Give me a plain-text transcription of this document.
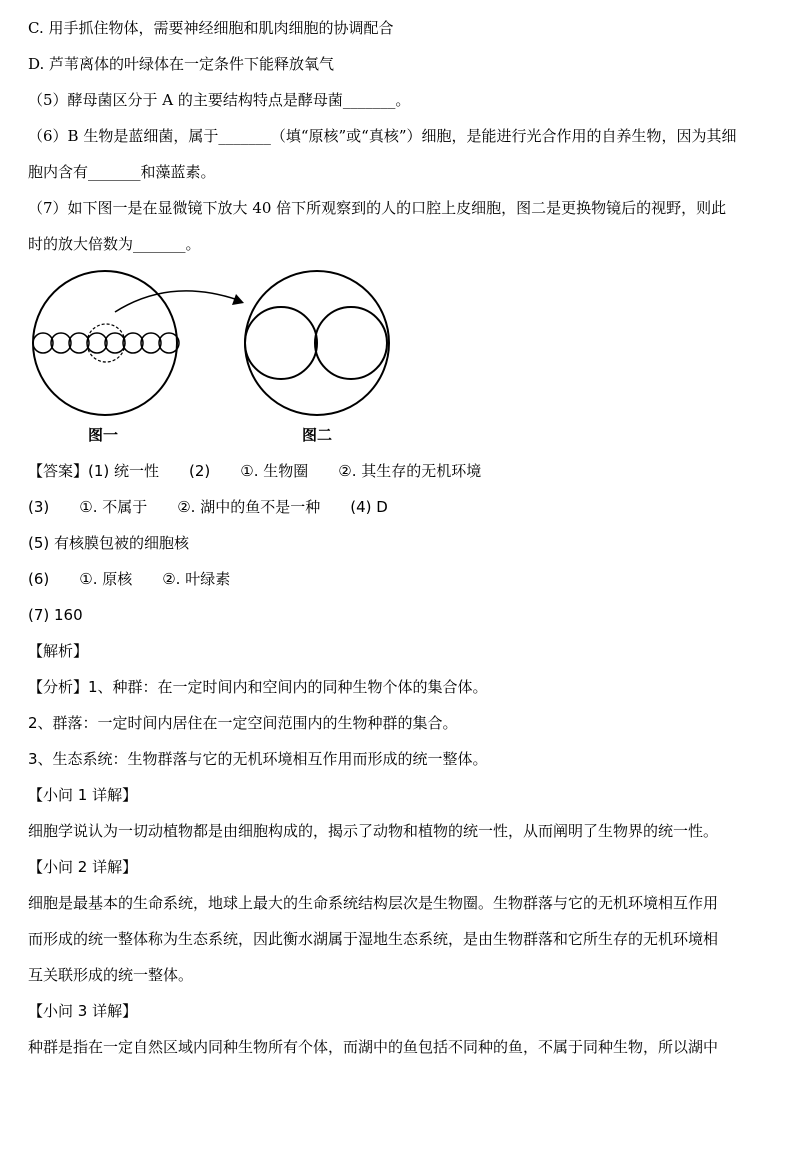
C. 用手抓住物体，需要神经细胞和肌肉细胞的协调配合
D. 芦苇离体的叶绿体在一定条件下能释放氧气
（5）酵母菌区分于 A 的主要结构特点是酵母菌_______。
（6）B 生物是蓝细菌，属于_______（填“原核”或“真核”）细胞，是能进行光合作用的自养生物，因为其细
胞内含有_______和藻蓝素。
（7）如下图一是在显微镜下放大 40 倍下所观察到的人的口腔上皮细胞，图二是更换物镜后的视野，则此
时的放大倍数为_______。
图一	图二
【答案】(1) 统一性　　(2)　　①. 生物圈　　②. 其生存的无机环境
(3)　　①. 不属于　　②. 湖中的鱼不是一种　　(4) D
(5) 有核膜包被的细胞核
(6)　　①. 原核　　②. 叶绿素
(7) 160
【解析】
【分析】1、种群：在一定时间内和空间内的同种生物个体的集合体。
2、群落：一定时间内居住在一定空间范围内的生物种群的集合。
3、生态系统：生物群落与它的无机环境相互作用而形成的统一整体。
【小问 1 详解】
细胞学说认为一切动植物都是由细胞构成的，揭示了动物和植物的统一性，从而阐明了生物界的统一性。
【小问 2 详解】
细胞是最基本的生命系统，地球上最大的生命系统结构层次是生物圈。生物群落与它的无机环境相互作用
而形成的统一整体称为生态系统，因此衡水湖属于湿地生态系统，是由生物群落和它所生存的无机环境相
互关联形成的统一整体。
【小问 3 详解】
种群是指在一定自然区域内同种生物所有个体，而湖中的鱼包括不同种的鱼，不属于同种生物，所以湖中
